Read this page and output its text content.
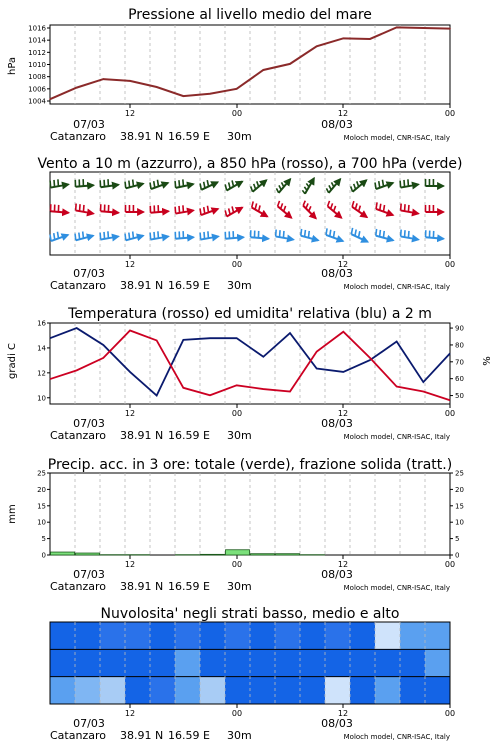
Pressione al livello medio del mare
Vento a 10 m (azzurro), a 850 hPa (rosso), a 700 hPa (verde)
Temperatura (rosso) ed umidita' relativa (blu) a 2 m
Precip. acc. in 3 ore: totale (verde), frazione solida (tratt.)
Nuvolosita' negli strati basso, medio e alto
hPa
gradi C	%
mm
07/03	08/03
Catanzaro 38.91 N 16.59 E 30m	Moloch model, CNR-ISAC, Italy
07/03	08/03
Catanzaro 38.91 N 16.59 E 30m	Moloch model, CNR-ISAC, Italy
07/03	08/03
Catanzaro 38.91 N 16.59 E 30m	Moloch model, CNR-ISAC, Italy
07/03	08/03
Catanzaro 38.91 N 16.59 E 30m	Moloch model, CNR-ISAC, Italy
07/03	08/03
Catanzaro 38.91 N 16.59 E 30m	Moloch model, CNR-ISAC, Italy
12	00	12	00
1016
1014
1012
1010
1008
1006
1004
12	00	12	00
12	00	12	00
16
14
12
10
90
80
70
60
50
12	00	12	00
25	25
20	20
15	15
10	10
5	5
0	0
12	00	12	00
